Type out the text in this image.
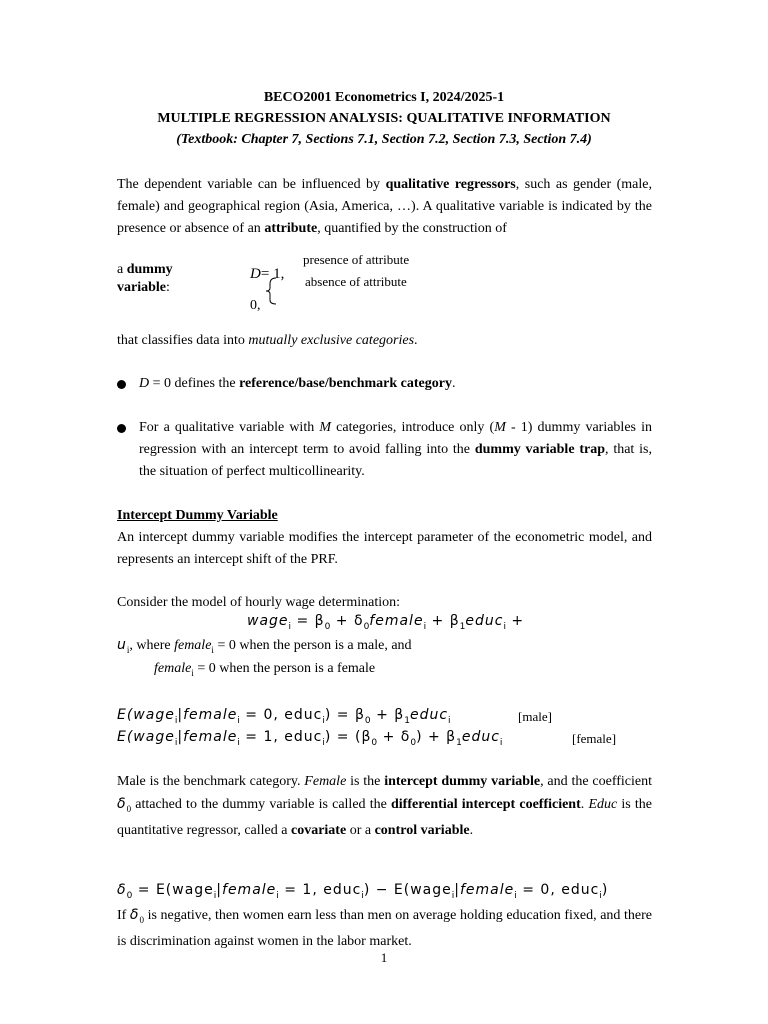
BECO2001 Econometrics I, 2024/2025-1

MULTIPLE REGRESSION ANALYSIS: QUALITATIVE INFORMATION

(Textbook: Chapter 7, Sections 7.1, Section 7.2, Section 7.3, Section 7.4)

The dependent variable can be influenced by qualitative regressors, such as gender (male, female) and geographical region (Asia, America, …). A qualitative variable is indicated by the presence or absence of an attribute, quantified by the construction of

a dummy
variable:
D= 1,
0,
presence of attribute
absence of attribute

that classifies data into mutually exclusive categories.

D = 0 defines the reference/base/benchmark category.

For a qualitative variable with M categories, introduce only (M - 1) dummy variables in regression with an intercept term to avoid falling into the dummy variable trap, that is, the situation of perfect multicollinearity.

Intercept Dummy Variable

An intercept dummy variable modifies the intercept parameter of the econometric model, and represents an intercept shift of the PRF.

Consider the model of hourly wage determination:

wage$_i$ = $\beta_0$ + $\delta_0female_i$ + $\beta_1educ_i$ +
$u_i$, where female$_i$ = 0 when the person is a male, and
female$_i$ = 0 when the person is a female
E(wage$_i$|female$_i$ = 0, educ$_i$) = $\beta_0$ + $\beta_1educ_i$	[male]
E(wage$_i$|female$_i$ = 1, educ$_i$) = $(\beta_0 + \delta_0)$ + $\beta_1educ_i$	[female]

Male is the benchmark category. Female is the intercept dummy variable, and the coefficient $\delta_0$ attached to the dummy variable is called the differential intercept coefficient. Educ is the quantitative regressor, called a covariate or a control variable.

$\delta_0$ = E(wage$_i$|female$_i$ = 1, educ$_i$) − E(wage$_i$|female$_i$ = 0, educ$_i$)

If $\delta_0$ is negative, then women earn less than men on average holding education fixed, and there is discrimination against women in the labor market.

1
